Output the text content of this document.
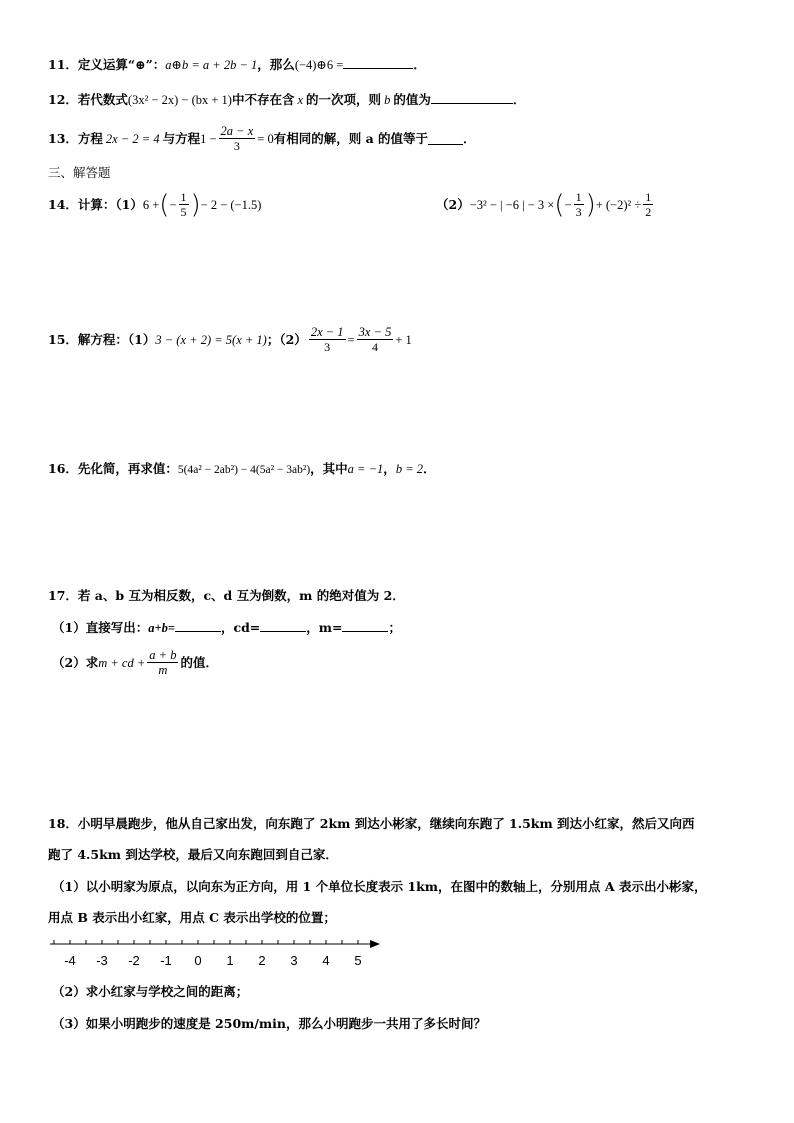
11．定义运算“⊕”：a⊕b = a + 2b − 1，那么(−4)⊕6 =	．
12．若代数式(3x² − 2x) − (bx + 1)中不存在含 x 的一次项，则 b 的值为	．
13． 方程 2x − 2 = 4 与方程 $1 - \frac{2a - x}{3} = 0$ 有相同的解，则 a 的值等于	．
三、解答题
14． 计算：（1） 6 + ( − $\frac{1}{5}$ ) − 2 − (−1.5)	（2） −3² − | −6 | − 3 × ( − $\frac{1}{3}$ ) + $(-2)^2 \div \frac{1}{2}$
15． 解方程：（1） 3 − (x + 2) = 5(x + 1) ；$(2) \frac{2x - 1}{3} = \frac{3x - 5}{4} + 1$
16．先化简，再求值：5(4a² − 2ab²) − 4(5a² − 3ab²)，其中a = −1，b = 2．
17．若 a、b 互为相反数，c、d 互为倒数，m 的绝对值为 2．
（1）直接写出：a+b=	，cd=	，m=	；
（2）求 m + cd + $\frac{a + b}{m}$ 的值．
18．小明早晨跑步，他从自己家出发，向东跑了 2km 到达小彬家，继续向东跑了 1.5km 到达小红家，然后又向西
跑了 4.5km 到达学校，最后又向东跑回到自己家．
（1）以小明家为原点，以向东为正方向，用 1 个单位长度表示 1km，在图中的数轴上，分别用点 A 表示出小彬家，
用点 B 表示出小红家，用点 C 表示出学校的位置；
-4 -3 -2 -1 0 1 2 3 4 5
（2）求小红家与学校之间的距离；
（3）如果小明跑步的速度是 250m/min，那么小明跑步一共用了多长时间？
